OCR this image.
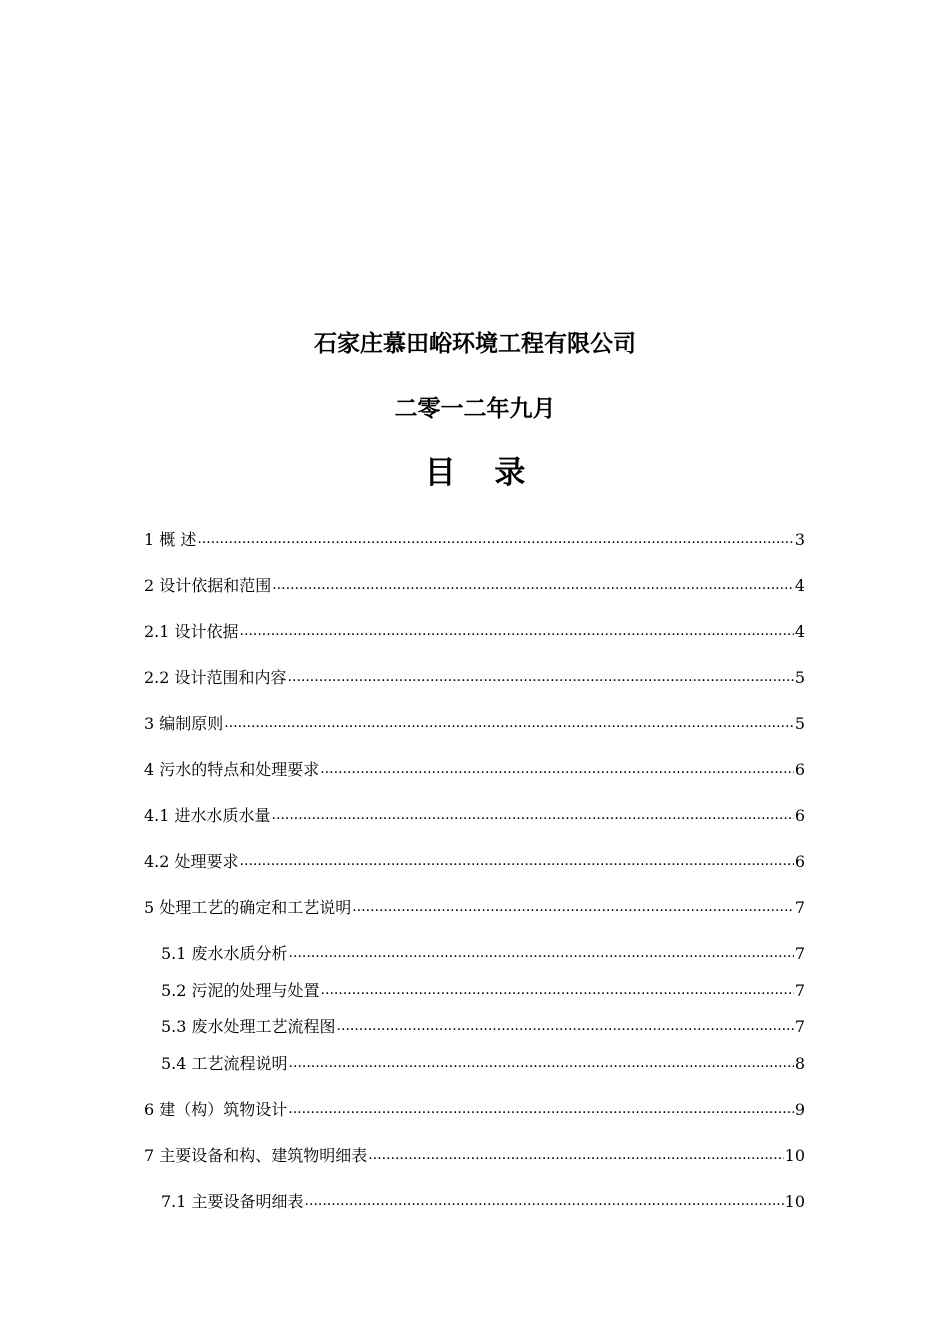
石家庄慕田峪环境工程有限公司
二零一二年九月
目 录
1 概 述 .....	3
2 设计依据和范围 .....	4
2.1 设计依据 .....	4
2.2 设计范围和内容 .....	5
3 编制原则 .....	5
4 污水的特点和处理要求 .....	6
4.1 进水水质水量 .....	6
4.2 处理要求 .....	6
5 处理工艺的确定和工艺说明 .....	7
5.1 废水水质分析 .....	7
5.2 污泥的处理与处置 .....	7
5.3 废水处理工艺流程图 .....	7
5.4 工艺流程说明 .....	8
6 建（构）筑物设计 .....	9
7 主要设备和构、建筑物明细表 .....	10
7.1 主要设备明细表 .....	10
